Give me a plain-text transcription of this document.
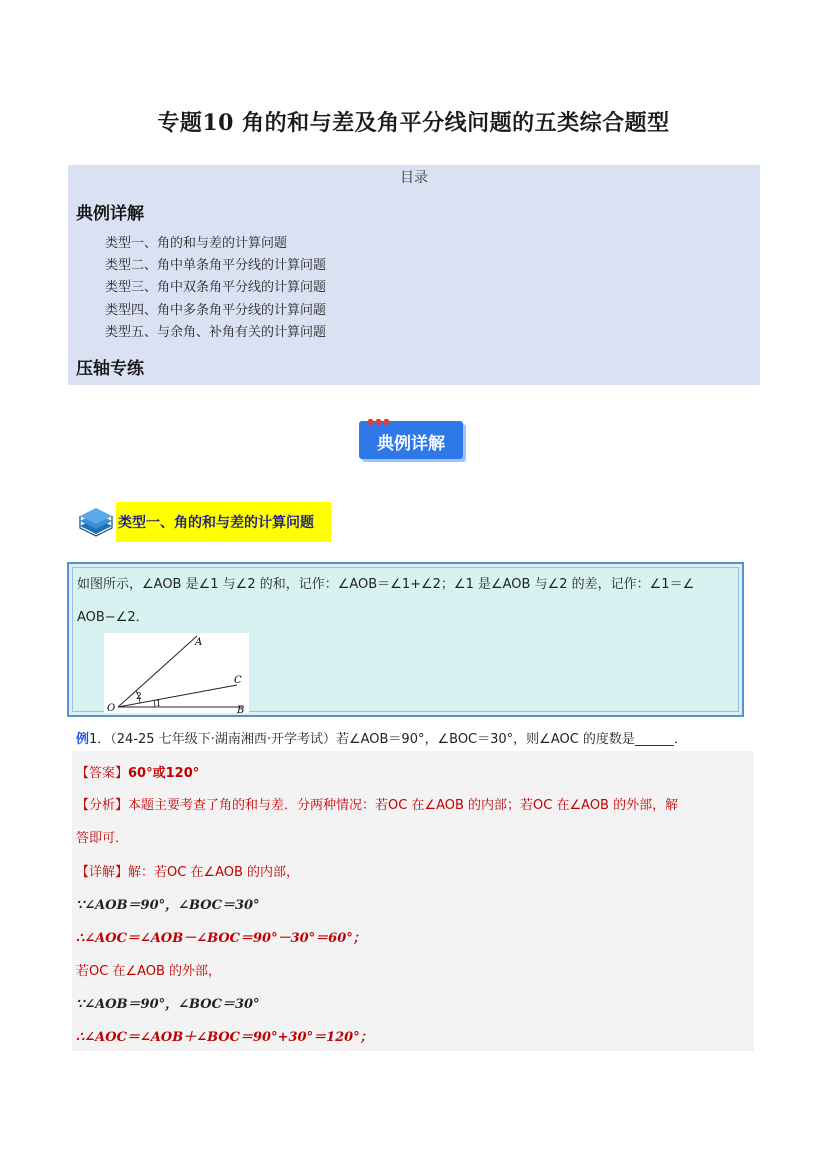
专题10 角的和与差及角平分线问题的五类综合题型
目录
典例详解
类型一、角的和与差的计算问题
类型二、角中单条角平分线的计算问题
类型三、角中双条角平分线的计算问题
类型四、角中多条角平分线的计算问题
类型五、与余角、补角有关的计算问题
压轴专练
●●●
典例详解
类型一、角的和与差的计算问题
如图所示，∠AOB 是∠1 与∠2 的和，记作：∠AOB＝∠1+∠2；∠1 是∠AOB 与∠2 的差，记作：∠1＝∠
AOB−∠2．
A
C
B
O
2
1
例1．（24-25 七年级下·湖南湘西·开学考试）若∠AOB＝90°，∠BOC＝30°，则∠AOC 的度数是______．
【答案】60°或120°
【分析】本题主要考查了角的和与差．分两种情况：若OC 在∠AOB 的内部；若OC 在∠AOB 的外部，解
答即可．
【详解】解：若OC 在∠AOB 的内部，
∵∠AOB＝90°，∠BOC＝30°
∴∠AOC＝∠AOB－∠BOC＝90°－30°＝60°；
若OC 在∠AOB 的外部，
∵∠AOB＝90°，∠BOC＝30°
∴∠AOC＝∠AOB＋∠BOC＝90°+30°＝120°；
